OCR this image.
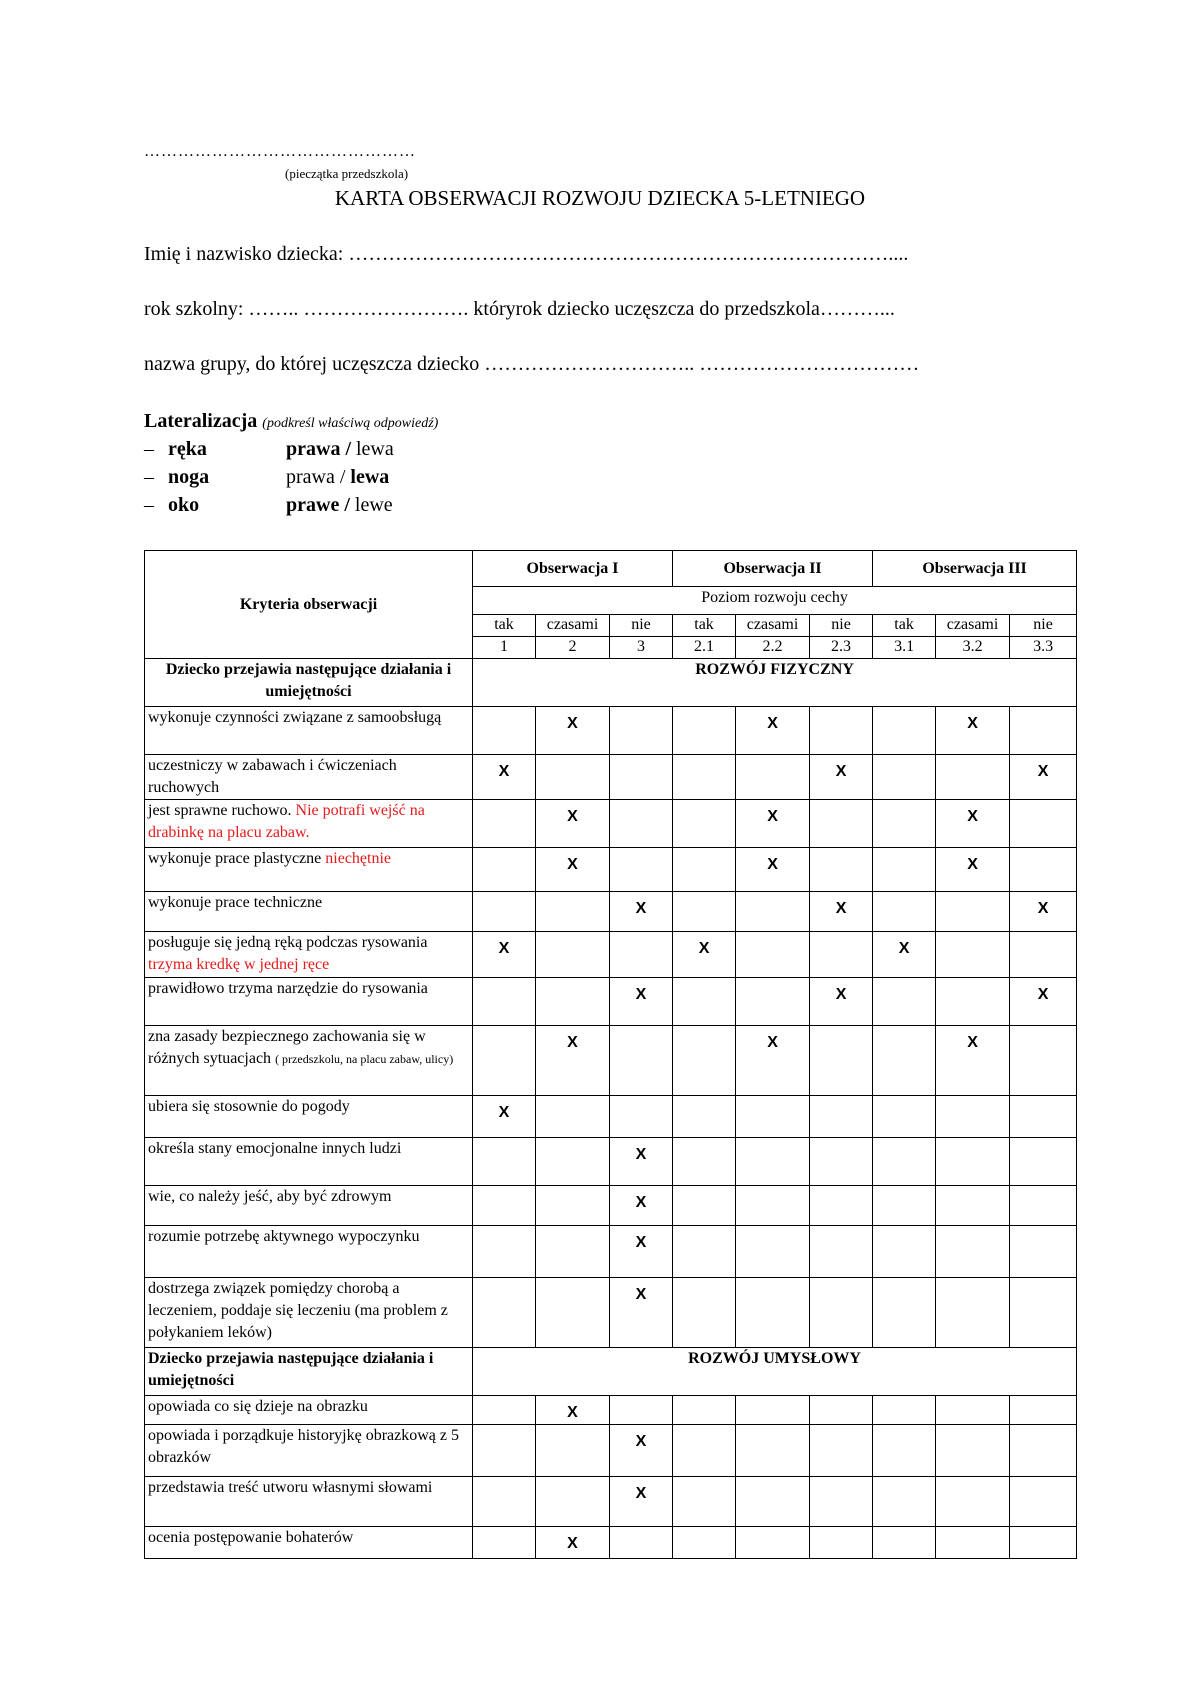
…………………………………………
(pieczątka przedszkola)
KARTA OBSERWACJI ROZWOJU DZIECKA 5-LETNIEGO
Imię i nazwisko dziecka: ………………………………………………………………………....
rok szkolny: …….. ……………………. któryrok dziecko uczęszcza do przedszkola………...
nazwa grupy, do której uczęszcza dziecko ………………………….. ……………………………
Lateralizacja (podkreśl właściwą odpowiedź)
– ręka	prawa / lewa
– noga	prawa / lewa
– oko	prawe / lewe
Kryteria obserwacji	Obserwacja I			Obserwacja II			Obserwacja III		
	Poziom rozwoju cechy								
	tak	czasami	nie	tak	czasami	nie	tak	czasami	nie
	1	2	3	2.1	2.2	2.3	3.1	3.2	3.3
Dziecko przejawia następujące działania i umiejętności	ROZWÓJ FIZYCZNY								
wykonuje czynności związane z samoobsługą		X			X			X	
uczestniczy w zabawach i ćwiczeniach ruchowych	X					X			X
jest sprawne ruchowo. Nie potrafi wejść na drabinkę na placu zabaw.		X			X			X	
wykonuje prace plastyczne niechętnie		X			X			X	
wykonuje prace techniczne			X			X			X
posługuje się jedną ręką podczas rysowania trzyma kredkę w jednej ręce	X			X			X		
prawidłowo trzyma narzędzie do rysowania			X			X			X
zna zasady bezpiecznego zachowania się w różnych sytuacjach ( przedszkolu, na placu zabaw, ulicy)		X			X			X	
ubiera się stosownie do pogody	X								
określa stany emocjonalne innych ludzi			X						
wie, co należy jeść, aby być zdrowym			X						
rozumie potrzebę aktywnego wypoczynku			X						
dostrzega związek pomiędzy chorobą a leczeniem, poddaje się leczeniu (ma problem z połykaniem leków)			X						
Dziecko przejawia następujące działania i umiejętności	ROZWÓJ UMYSŁOWY								
opowiada co się dzieje na obrazku		X							
opowiada i porządkuje historyjkę obrazkową z 5 obrazków			X						
przedstawia treść utworu własnymi słowami			X						
ocenia postępowanie bohaterów		X							
